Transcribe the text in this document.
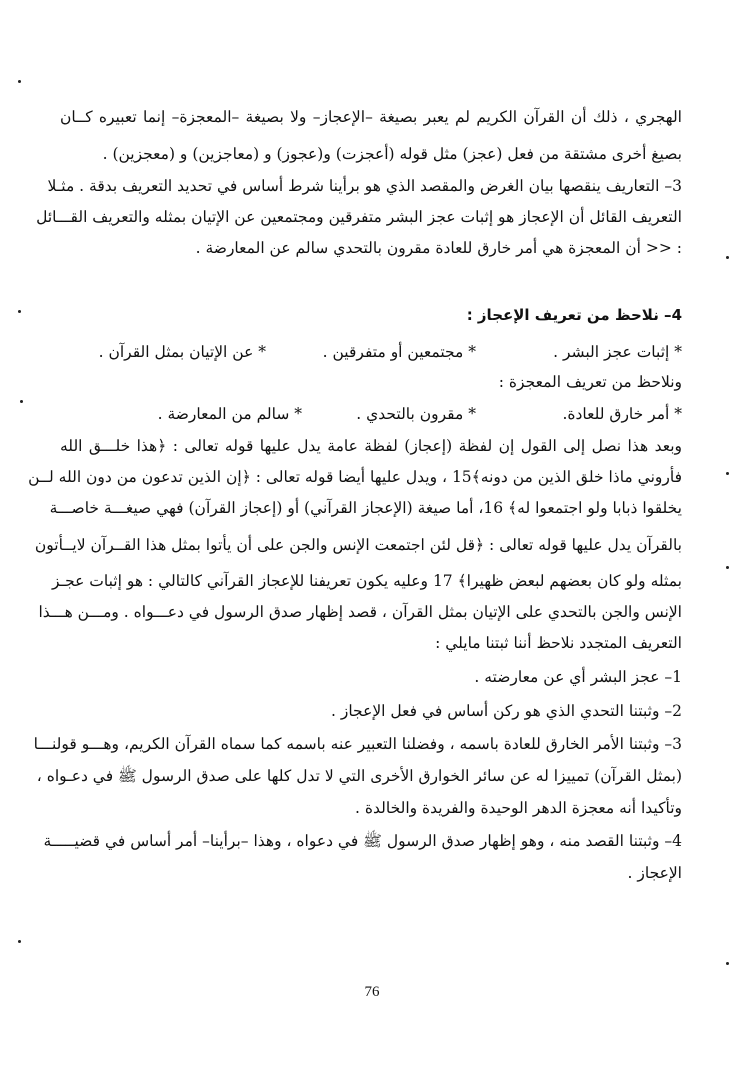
الهجري ، ذلك أن القرآن الكريم لم يعبر بصيغة –الإعجاز– ولا بصيغة –المعجزة– إنما تعبيره كــان
بصيغ أخرى مشتقة من فعل (عجز) مثل قوله (أعجزت) و(عجوز) و (معاجزين) و (معجزين) .
3– التعاريف ينقصها بيان الغرض والمقصد الذي هو برأينا شرط أساس في تحديد التعريف بدقة . مثـلا
التعريف القائل أن الإعجاز هو إثبات عجز البشر متفرقين ومجتمعين عن الإتيان بمثله والتعريف القـــائل
: << أن المعجزة هي أمر خارق للعادة مقرون بالتحدي سالم عن المعارضة .
4– نلاحظ من تعريف الإعجاز :
* إثبات عجز البشر .
* مجتمعين أو متفرقين .
* عن الإتيان بمثل القرآن .
ونلاحظ من تعريف المعجزة :
* أمر خارق للعادة.
* مقرون بالتحدي .
* سالم من المعارضة .
وبعد هذا نصل إلى القول إن لفظة (إعجاز) لفظة عامة يدل عليها قوله تعالى : ﴿هذا خلـــق الله
فأروني ماذا خلق الذين من دونه﴾15 ، ويدل عليها أيضا قوله تعالى : ﴿إن الذين تدعون من دون الله لــن
يخلقوا ذبابا ولو اجتمعوا له﴾ 16، أما صيغة (الإعجاز القرآني) أو (إعجاز القرآن) فهي صيغـــة خاصـــة
بالقرآن يدل عليها قوله تعالى : ﴿قل لئن اجتمعت الإنس والجن على أن يأتوا بمثل هذا القــرآن لايــأتون
بمثله ولو كان بعضهم لبعض ظهيرا﴾ 17 وعليه يكون تعريفنا للإعجاز القرآني كالتالي : هو إثبات عجـز
الإنس والجن بالتحدي على الإتيان بمثل القرآن ، قصد إظهار صدق الرسول في دعـــواه . ومـــن هـــذا
التعريف المتجدد نلاحظ أننا ثبتنا مايلي :
1– عجز البشر أي عن معارضته .
2– وثبتنا التحدي الذي هو ركن أساس في فعل الإعجاز .
3– وثبتنا الأمر الخارق للعادة باسمه ، وفضلنا التعبير عنه باسمه كما سماه القرآن الكريم، وهـــو قولنـــا
(بمثل القرآن) تمييزا له عن سائر الخوارق الأخرى التي لا تدل كلها على صدق الرسول ﷺ في دعـواه ،
وتأكيدا أنه معجزة الدهر الوحيدة والفريدة والخالدة .
4– وثبتنا القصد منه ، وهو إظهار صدق الرسول ﷺ في دعواه ، وهذا –برأينا– أمر أساس في قضيـــــة
الإعجاز .
76
